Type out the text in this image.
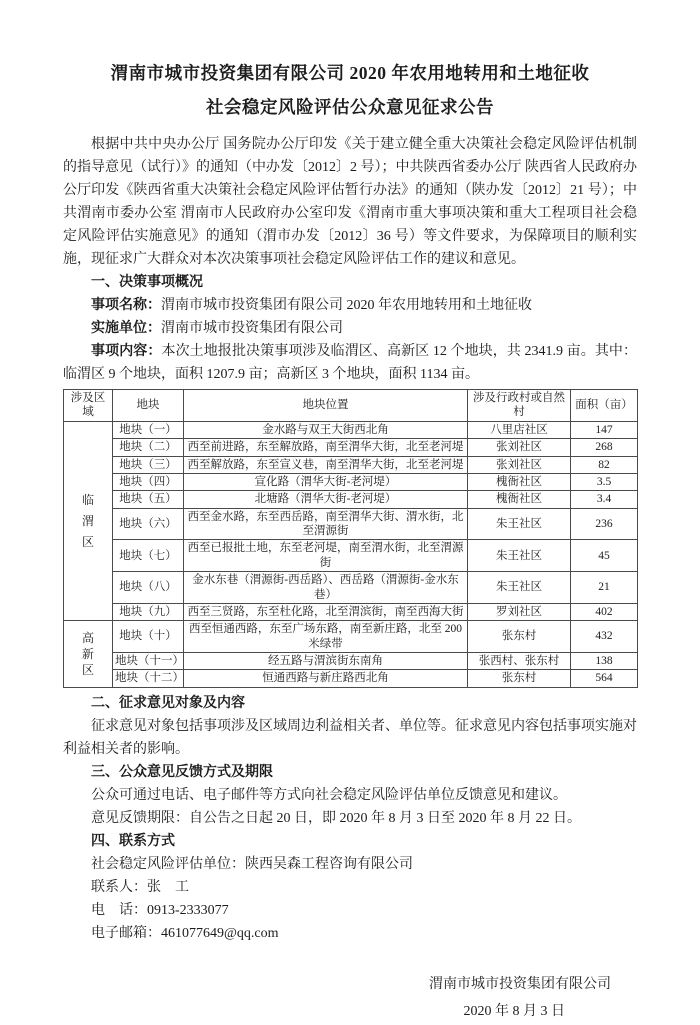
渭南市城市投资集团有限公司 2020 年农用地转用和土地征收
社会稳定风险评估公众意见征求公告

根据中共中央办公厅 国务院办公厅印发《关于建立健全重大决策社会稳定风险评估机制的指导意见（试行）》的通知（中办发〔2012〕2 号）；中共陕西省委办公厅 陕西省人民政府办公厅印发《陕西省重大决策社会稳定风险评估暂行办法》的通知（陕办发〔2012〕21 号）；中共渭南市委办公室 渭南市人民政府办公室印发《渭南市重大事项决策和重大工程项目社会稳定风险评估实施意见》的通知（渭市办发〔2012〕36 号）等文件要求，为保障项目的顺利实施，现征求广大群众对本次决策事项社会稳定风险评估工作的建议和意见。

一、决策事项概况
事项名称：渭南市城市投资集团有限公司 2020 年农用地转用和土地征收
实施单位：渭南市城市投资集团有限公司
事项内容：本次土地报批决策事项涉及临渭区、高新区 12 个地块，共 2341.9 亩。其中：临渭区 9 个地块，面积 1207.9 亩；高新区 3 个地块，面积 1134 亩。
涉及区域	地块	地块位置	涉及行政村或自然村	面积（亩）

临渭区	地块（一）	金水路与双王大街西北角	八里店社区	147
	地块（二）	西至前进路，东至解放路，南至渭华大街，北至老河堤	张刘社区	268
	地块（三）	西至解放路，东至宣义巷，南至渭华大街，北至老河堤	张刘社区	82
	地块（四）	宣化路（渭华大街-老河堤）	槐衙社区	3.5
	地块（五）	北塘路（渭华大街-老河堤）	槐衙社区	3.4
	地块（六）	西至金水路，东至西岳路，南至渭华大街、渭水街，北至渭源街	朱王社区	236
	地块（七）	西至已报批土地，东至老河堤，南至渭水街，北至渭源街	朱王社区	45
	地块（八）	金水东巷（渭源街-西岳路）、西岳路（渭源街-金水东巷）	朱王社区	21
	地块（九）	西至三贤路，东至杜化路，北至渭滨街，南至西海大街	罗刘社区	402

高新区	地块（十）	西至恒通西路，东至广场东路，南至新庄路，北至 200 米绿带	张东村	432
	地块（十一）	经五路与渭滨街东南角	张西村、张东村	138
	地块（十二）	恒通西路与新庄路西北角	张东村	564
二、征求意见对象及内容

征求意见对象包括事项涉及区域周边利益相关者、单位等。征求意见内容包括事项实施对利益相关者的影响。

三、公众意见反馈方式及期限
公众可通过电话、电子邮件等方式向社会稳定风险评估单位反馈意见和建议。
意见反馈期限：自公告之日起 20 日，即 2020 年 8 月 3 日至 2020 年 8 月 22 日。
四、联系方式
社会稳定风险评估单位：陕西吴森工程咨询有限公司
联系人：张　工
电　话：0913-2333077
电子邮箱：461077649@qq.com
渭南市城市投资集团有限公司
2020 年 8 月 3 日
